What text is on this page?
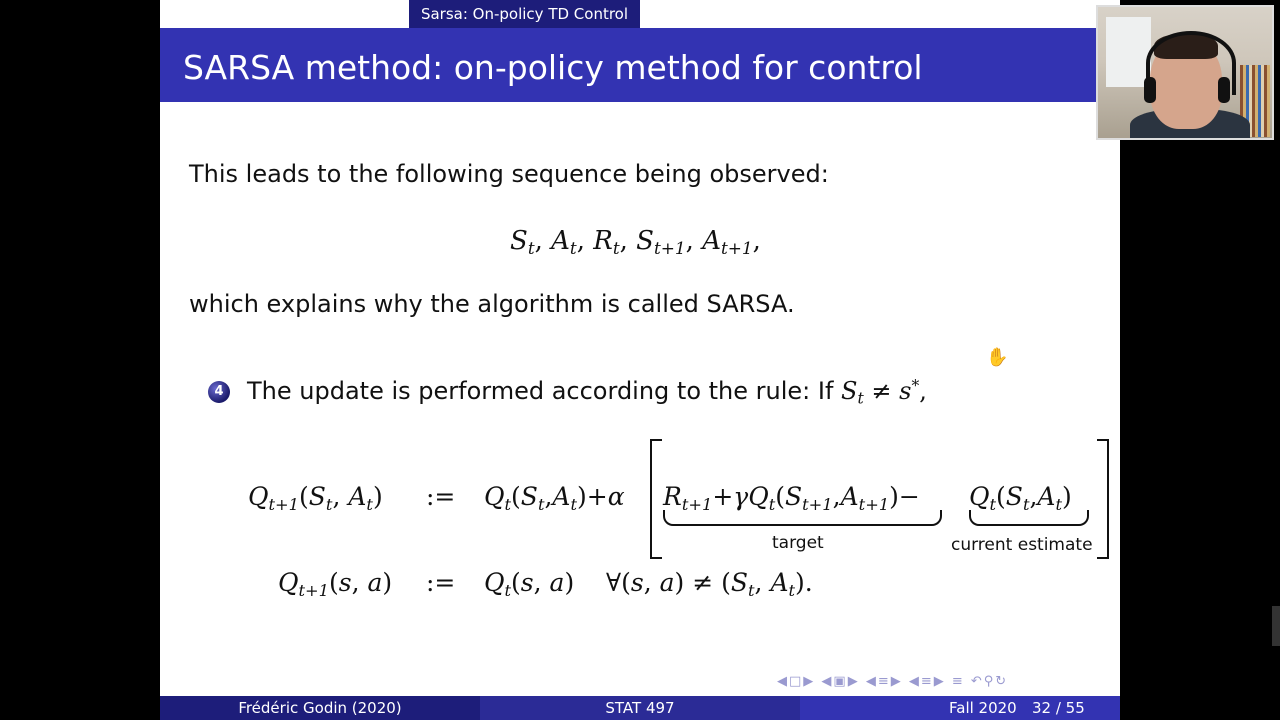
Sarsa: On-policy TD Control
SARSA method: on-policy method for control
This leads to the following sequence being observed:
$S_t$, $A_t$, $R_t$, $S_{t+1}$, $A_{t+1}$,
which explains why the algorithm is called SARSA.
4 The update is performed according to the rule: If $S_t \ne s^*$,
$Q_{t+1}(S_t$, $A_t$) := $Q_t(S_t,A_t)+\alpha$ $R_{t+1}+\gamma Q_t(S_{t+1},A_{t+1})- Q_t(S_t,A_t)$
target	current estimate
$Q_{t+1}(s$, a) := $Q_t(s$, a)    ∀(s, $a) \ne (S_t$, $A_t$).
✋
◀□▶ ◀▣▶ ◀≡▶ ◀≡▶ ≡ ↶⚲↻
Frédéric Godin (2020)	STAT 497	Fall 2020 32 / 55
